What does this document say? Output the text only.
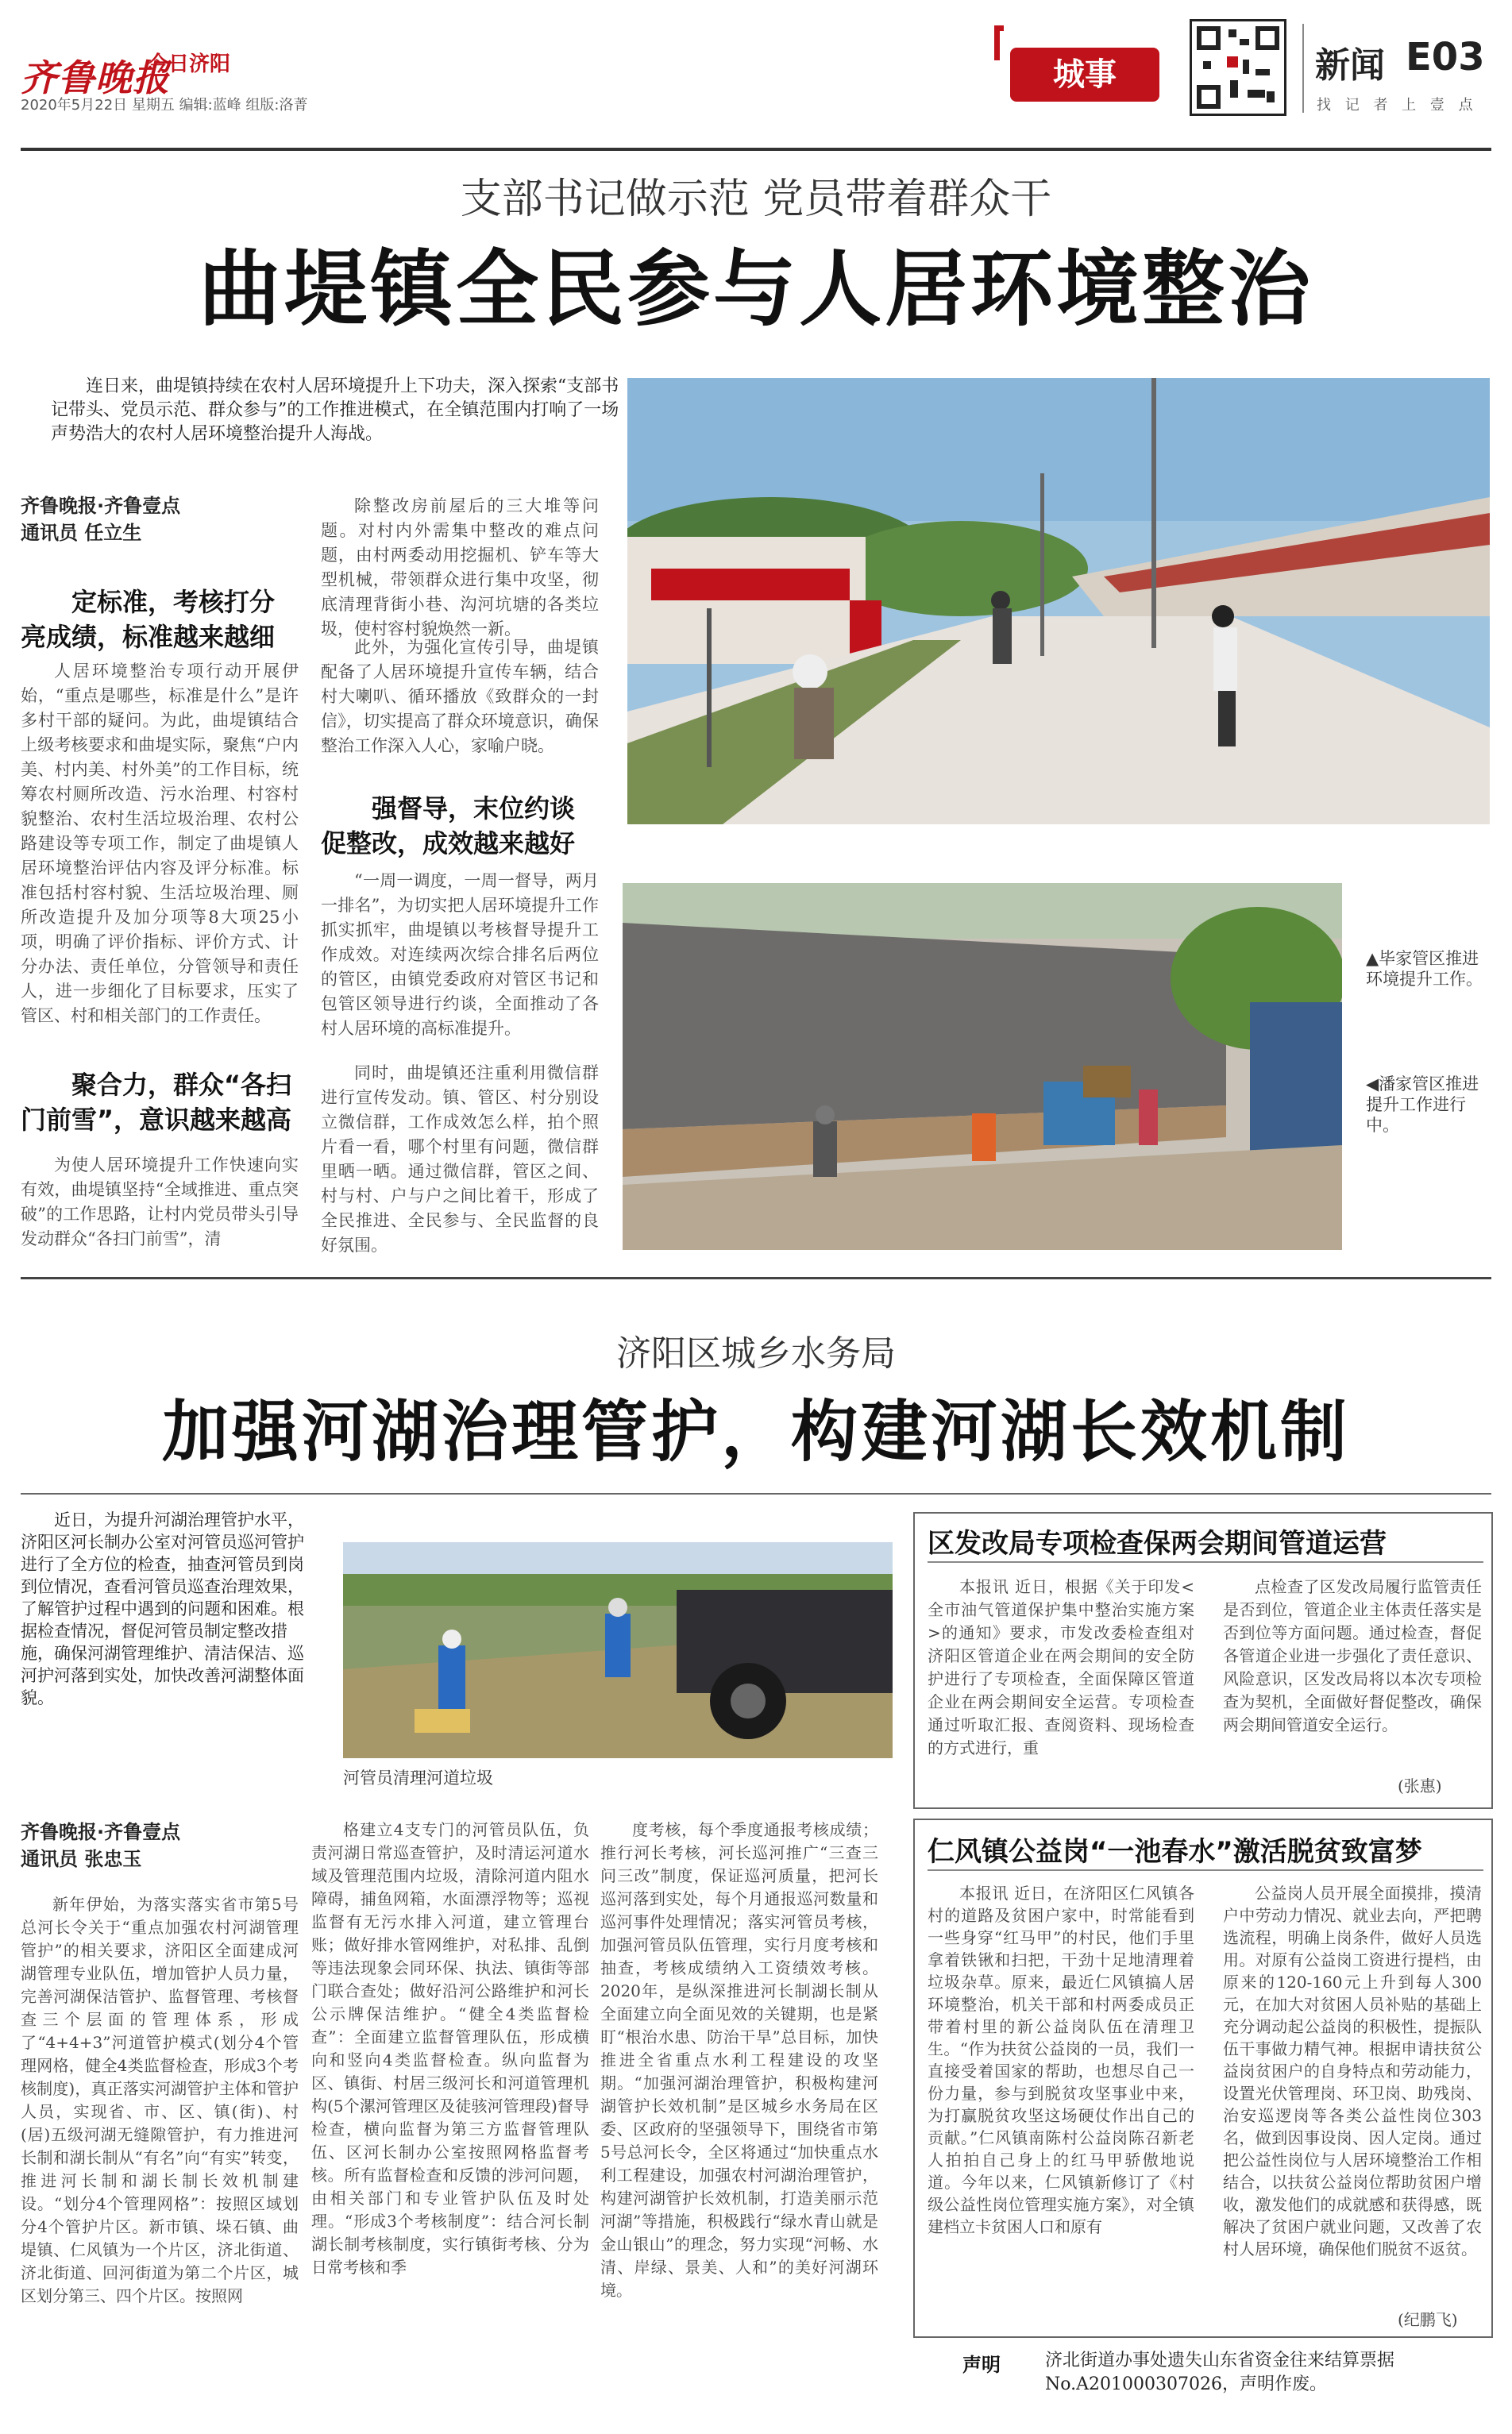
齐鲁晚报
今日济阳
2020年5月22日 星期五 编辑:蓝峰 组版:洛菁
城事	新闻 E03
找 记 者 上 壹 点
支部书记做示范 党员带着群众干
曲堤镇全民参与人居环境整治
连日来，曲堤镇持续在农村人居环境提升上下功夫，深入探索“支部书记带头、党员示范、群众参与”的工作推进模式，在全镇范围内打响了一场声势浩大的农村人居环境整治提升人海战。
齐鲁晚报·齐鲁壹点
通讯员 任立生
定标准，考核打分亮成绩，标准越来越细
人居环境整治专项行动开展伊始，“重点是哪些，标准是什么”是许多村干部的疑问。为此，曲堤镇结合上级考核要求和曲堤实际，聚焦“户内美、村内美、村外美”的工作目标，统筹农村厕所改造、污水治理、村容村貌整治、农村生活垃圾治理、农村公路建设等专项工作，制定了曲堤镇人居环境整治评估内容及评分标准。标准包括村容村貌、生活垃圾治理、厕所改造提升及加分项等8大项25小项，明确了评价指标、评价方式、计分办法、责任单位，分管领导和责任人，进一步细化了目标要求，压实了管区、村和相关部门的工作责任。
聚合力，群众“各扫门前雪”，意识越来越高
为使人居环境提升工作快速向实有效，曲堤镇坚持“全域推进、重点突破”的工作思路，让村内党员带头引导发动群众“各扫门前雪”，清
除整改房前屋后的三大堆等问题。对村内外需集中整改的难点问题，由村两委动用挖掘机、铲车等大型机械，带领群众进行集中攻坚，彻底清理背街小巷、沟河坑塘的各类垃圾，使村容村貌焕然一新。
此外，为强化宣传引导，曲堤镇配备了人居环境提升宣传车辆，结合村大喇叭、循环播放《致群众的一封信》，切实提高了群众环境意识，确保整治工作深入人心，家喻户晓。
强督导，末位约谈促整改，成效越来越好
“一周一调度，一周一督导，两月一排名”，为切实把人居环境提升工作抓实抓牢，曲堤镇以考核督导提升工作成效。对连续两次综合排名后两位的管区，由镇党委政府对管区书记和包管区领导进行约谈，全面推动了各村人居环境的高标准提升。
同时，曲堤镇还注重利用微信群进行宣传发动。镇、管区、村分别设立微信群，工作成效怎么样，拍个照片看一看，哪个村里有问题，微信群里晒一晒。通过微信群，管区之间、村与村、户与户之间比着干，形成了全民推进、全民参与、全民监督的良好氛围。
▲毕家管区推进环境提升工作。
◀潘家管区推进提升工作进行中。
济阳区城乡水务局
加强河湖治理管护，构建河湖长效机制
近日，为提升河湖治理管护水平，济阳区河长制办公室对河管员巡河管护进行了全方位的检查，抽查河管员到岗到位情况，查看河管员巡查治理效果，了解管护过程中遇到的问题和困难。根据检查情况，督促河管员制定整改措施，确保河湖管理维护、清洁保洁、巡河护河落到实处，加快改善河湖整体面貌。
河管员清理河道垃圾
齐鲁晚报·齐鲁壹点
通讯员 张忠玉
新年伊始，为落实落实省市第5号总河长令关于“重点加强农村河湖管理管护”的相关要求，济阳区全面建成河湖管理专业队伍，增加管护人员力量，完善河湖保洁管护、监督管理、考核督查三个层面的管理体系，形成了“4+4+3”河道管护模式(划分4个管理网格，健全4类监督检查，形成3个考核制度)，真正落实河湖管护主体和管护人员，实现省、市、区、镇(街)、村(居)五级河湖无缝隙管护，有力推进河长制和湖长制从“有名”向“有实”转变，推进河长制和湖长制长效机制建设。“划分4个管理网格”：按照区域划分4个管护片区。新市镇、垛石镇、曲堤镇、仁风镇为一个片区，济北街道、济北街道、回河街道为第二个片区，城区划分第三、四个片区。按照网
格建立4支专门的河管员队伍，负责河湖日常巡查管护，及时清运河道水域及管理范围内垃圾，清除河道内阻水障碍，捕鱼网箱，水面漂浮物等；巡视监督有无污水排入河道，建立管理台账；做好排水管网维护，对私排、乱倒等违法现象会同环保、执法、镇街等部门联合查处；做好沿河公路维护和河长公示牌保洁维护。“健全4类监督检查”：全面建立监督管理队伍，形成横向和竖向4类监督检查。纵向监督为区、镇街、村居三级河长和河道管理机构(5个漯河管理区及徒骇河管理段)督导检查，横向监督为第三方监督管理队伍、区河长制办公室按照网格监督考核。所有监督检查和反馈的涉河问题，由相关部门和专业管护队伍及时处理。“形成3个考核制度”：结合河长制湖长制考核制度，实行镇街考核、分为日常考核和季
度考核，每个季度通报考核成绩；推行河长考核，河长巡河推广“三查三问三改”制度，保证巡河质量，把河长巡河落到实处，每个月通报巡河数量和巡河事件处理情况；落实河管员考核，加强河管员队伍管理，实行月度考核和抽查，考核成绩纳入工资绩效考核。2020年，是纵深推进河长制湖长制从全面建立向全面见效的关键期，也是紧盯“根治水患、防治干旱”总目标，加快推进全省重点水利工程建设的攻坚期。“加强河湖治理管护，积极构建河湖管护长效机制”是区城乡水务局在区委、区政府的坚强领导下，围绕省市第5号总河长令，全区将通过“加快重点水利工程建设，加强农村河湖治理管护，构建河湖管护长效机制，打造美丽示范河湖”等措施，积极践行“绿水青山就是金山银山”的理念，努力实现“河畅、水清、岸绿、景美、人和”的美好河湖环境。
区发改局专项检查保两会期间管道运营
本报讯 近日，根据《关于印发<全市油气管道保护集中整治实施方案>的通知》要求，市发改委检查组对济阳区管道企业在两会期间的安全防护进行了专项检查，全面保障区管道企业在两会期间安全运营。专项检查通过听取汇报、查阅资料、现场检查的方式进行，重
点检查了区发改局履行监管责任是否到位，管道企业主体责任落实是否到位等方面问题。通过检查，督促各管道企业进一步强化了责任意识、风险意识，区发改局将以本次专项检查为契机，全面做好督促整改，确保两会期间管道安全运行。
(张惠)
仁风镇公益岗“一池春水”激活脱贫致富梦
本报讯 近日，在济阳区仁风镇各村的道路及贫困户家中，时常能看到一些身穿“红马甲”的村民，他们手里拿着铁锹和扫把，干劲十足地清理着垃圾杂草。原来，最近仁风镇搞人居环境整治，机关干部和村两委成员正带着村里的新公益岗队伍在清理卫生。“作为扶贫公益岗的一员，我们一直接受着国家的帮助，也想尽自己一份力量，参与到脱贫攻坚事业中来，为打赢脱贫攻坚这场硬仗作出自己的贡献。”仁风镇南陈村公益岗陈召新老人拍拍自己身上的红马甲骄傲地说道。今年以来，仁风镇新修订了《村级公益性岗位管理实施方案》，对全镇建档立卡贫困人口和原有
公益岗人员开展全面摸排，摸清户中劳动力情况、就业去向，严把聘选流程，明确上岗条件，做好人员选用。对原有公益岗工资进行提档，由原来的120-160元上升到每人300元，在加大对贫困人员补贴的基础上充分调动起公益岗的积极性，提振队伍干事做力精气神。根据申请扶贫公益岗贫困户的自身特点和劳动能力，设置光伏管理岗、环卫岗、助残岗、治安巡逻岗等各类公益性岗位303名，做到因事设岗、因人定岗。通过把公益性岗位与人居环境整治工作相结合，以扶贫公益岗位帮助贫困户增收，激发他们的成就感和获得感，既解决了贫困户就业问题，又改善了农村人居环境，确保他们脱贫不返贫。
(纪鹏飞)
声明	济北街道办事处遗失山东省资金往来结算票据No.A201000307026，声明作废。
